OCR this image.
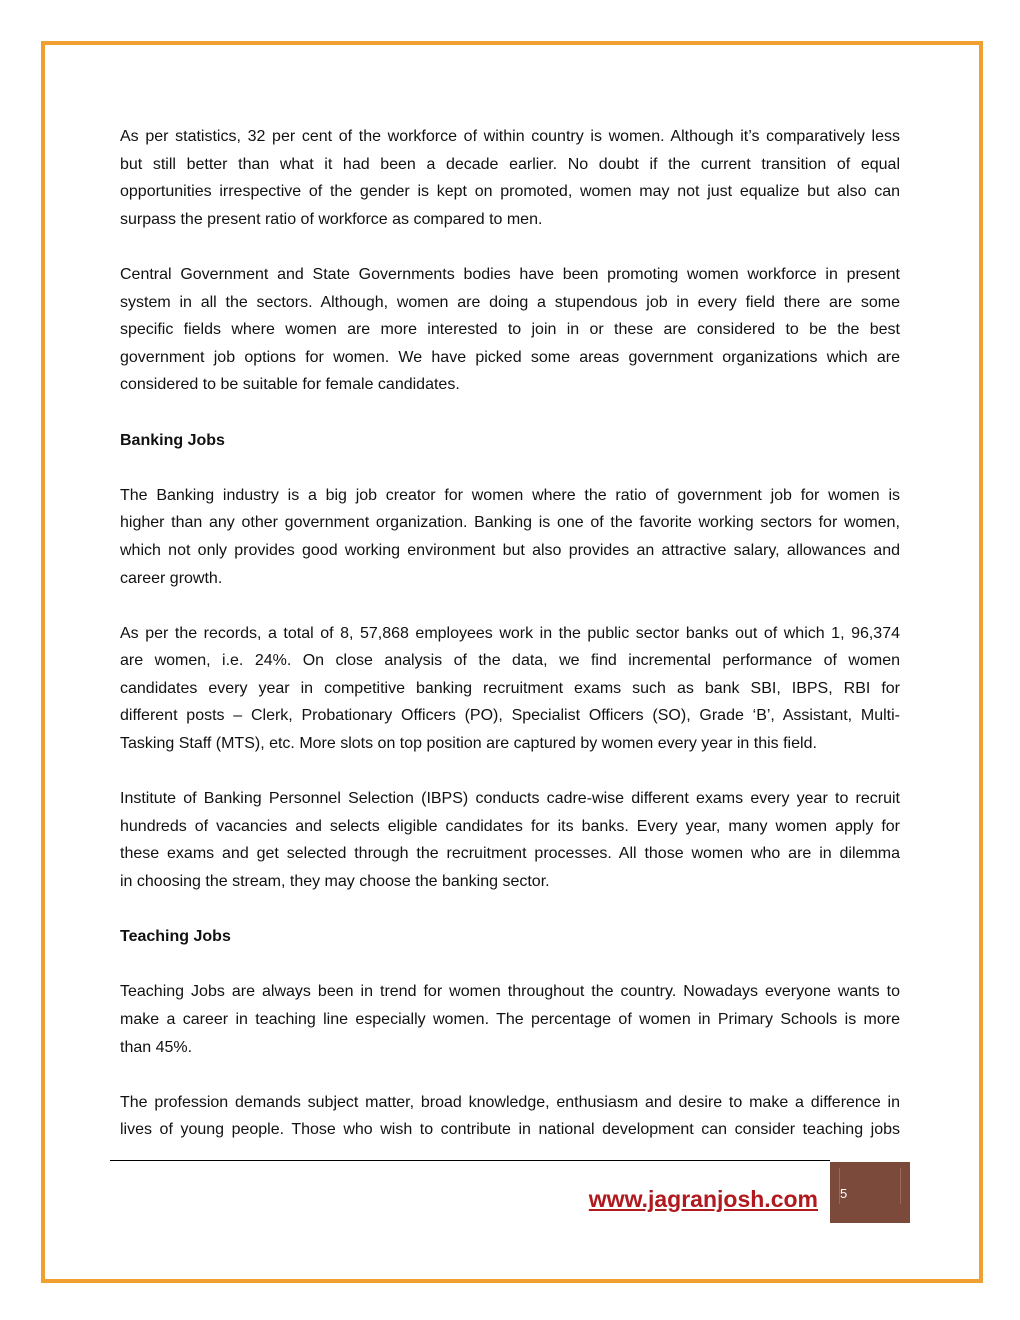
As per statistics, 32 per cent of the workforce of within country is women. Although it’s comparatively less
but still better than what it had been a decade earlier. No doubt if the current transition of equal
opportunities irrespective of the gender is kept on promoted, women may not just equalize but also can
surpass the present ratio of workforce as compared to men.
Central Government and State Governments bodies have been promoting women workforce in present
system in all the sectors. Although, women are doing a stupendous job in every field there are some
specific fields where women are more interested to join in or these are considered to be the best
government job options for women. We have picked some areas government organizations which are
considered to be suitable for female candidates.
Banking Jobs
The Banking industry is a big job creator for women where the ratio of government job for women is
higher than any other government organization. Banking is one of the favorite working sectors for women,
which not only provides good working environment but also provides an attractive salary, allowances and
career growth.
As per the records, a total of 8, 57,868 employees work in the public sector banks out of which 1, 96,374
are women, i.e. 24%. On close analysis of the data, we find incremental performance of women
candidates every year in competitive banking recruitment exams such as bank SBI, IBPS, RBI for
different posts – Clerk, Probationary Officers (PO), Specialist Officers (SO), Grade ‘B’, Assistant, Multi-
Tasking Staff (MTS), etc. More slots on top position are captured by women every year in this field.
Institute of Banking Personnel Selection (IBPS) conducts cadre-wise different exams every year to recruit
hundreds of vacancies and selects eligible candidates for its banks. Every year, many women apply for
these exams and get selected through the recruitment processes. All those women who are in dilemma
in choosing the stream, they may choose the banking sector.
Teaching Jobs
Teaching Jobs are always been in trend for women throughout the country. Nowadays everyone wants to
make a career in teaching line especially women. The percentage of women in Primary Schools is more
than 45%.
The profession demands subject matter, broad knowledge, enthusiasm and desire to make a difference in
lives of young people. Those who wish to contribute in national development can consider teaching jobs
www.jagranjosh.com 5
